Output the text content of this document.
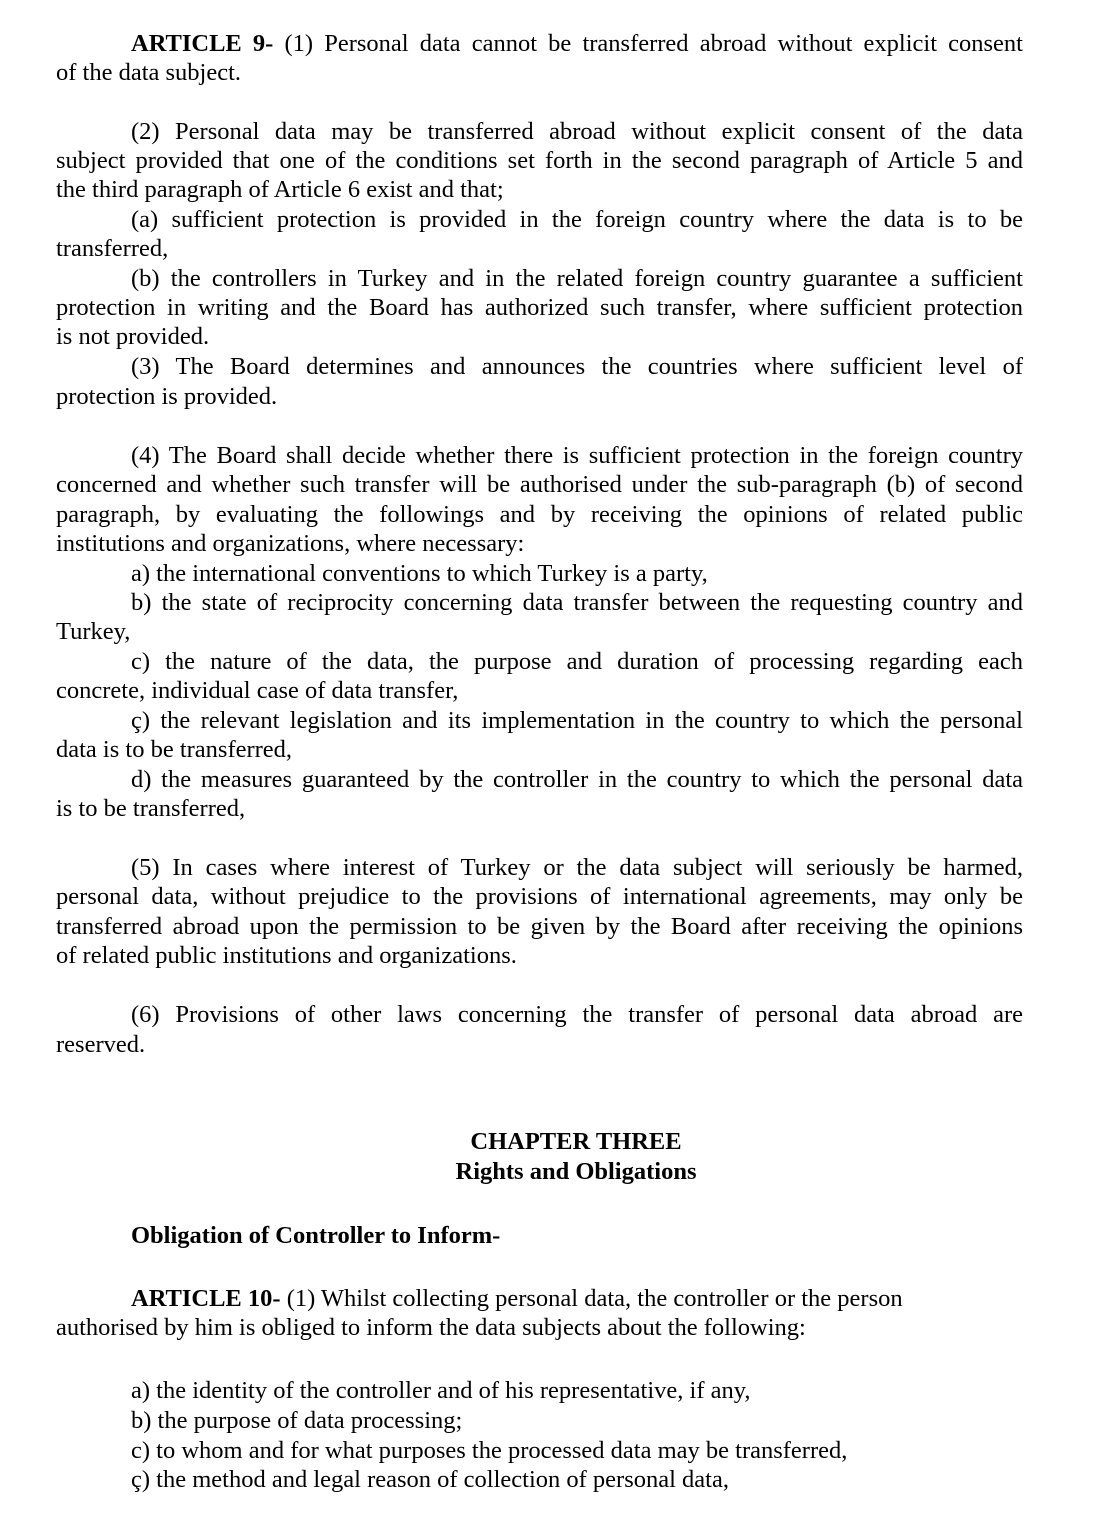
ARTICLE 9- (1) Personal data cannot be transferred abroad without explicit consent
of the data subject.
(2) Personal data may be transferred abroad without explicit consent of the data
subject provided that one of the conditions set forth in the second paragraph of Article 5 and
the third paragraph of Article 6 exist and that;
(a) sufficient protection is provided in the foreign country where the data is to be
transferred,
(b) the controllers in Turkey and in the related foreign country guarantee a sufficient
protection in writing and the Board has authorized such transfer, where sufficient protection
is not provided.
(3) The Board determines and announces the countries where sufficient level of
protection is provided.
(4) The Board shall decide whether there is sufficient protection in the foreign country
concerned and whether such transfer will be authorised under the sub-paragraph (b) of second
paragraph, by evaluating the followings and by receiving the opinions of related public
institutions and organizations, where necessary:
a) the international conventions to which Turkey is a party,
b) the state of reciprocity concerning data transfer between the requesting country and
Turkey,
c) the nature of the data, the purpose and duration of processing regarding each
concrete, individual case of data transfer,
ç) the relevant legislation and its implementation in the country to which the personal
data is to be transferred,
d) the measures guaranteed by the controller in the country to which the personal data
is to be transferred,
(5) In cases where interest of Turkey or the data subject will seriously be harmed,
personal data, without prejudice to the provisions of international agreements, may only be
transferred abroad upon the permission to be given by the Board after receiving the opinions
of related public institutions and organizations.
(6) Provisions of other laws concerning the transfer of personal data abroad are
reserved.
CHAPTER THREE
Rights and Obligations
Obligation of Controller to Inform-
ARTICLE 10- (1) Whilst collecting personal data, the controller or the person
authorised by him is obliged to inform the data subjects about the following:
a) the identity of the controller and of his representative, if any,
b) the purpose of data processing;
c) to whom and for what purposes the processed data may be transferred,
ç) the method and legal reason of collection of personal data,
